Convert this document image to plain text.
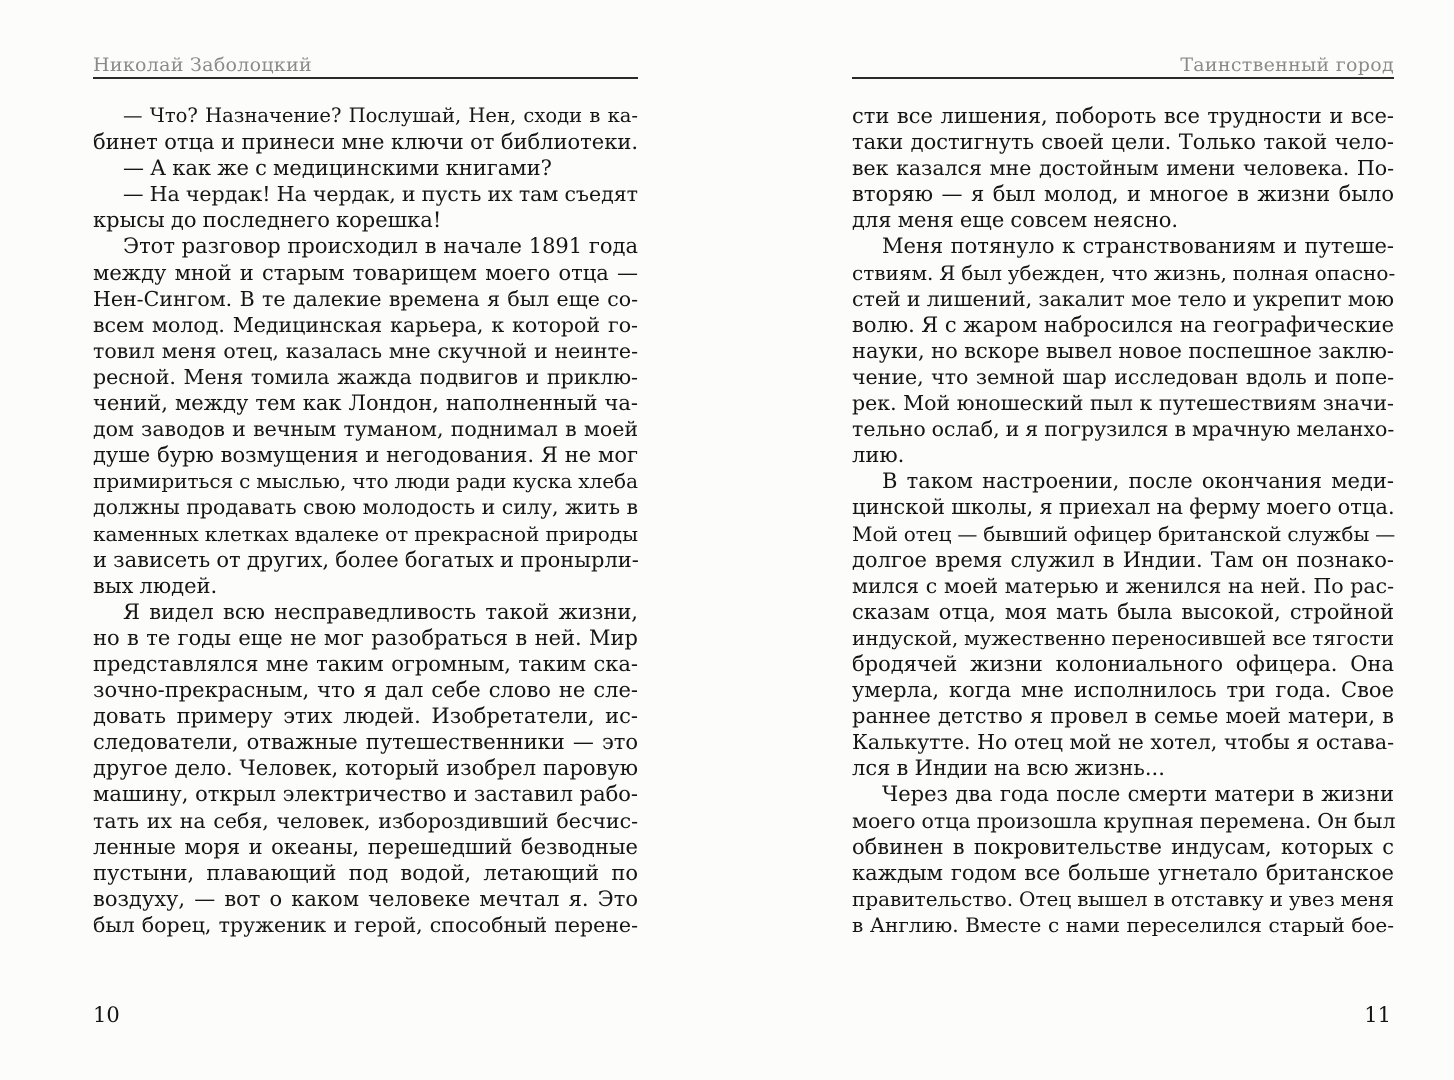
Николай Заболоцкий
— Что? Назначение? Послушай, Нен, сходи в ка-
бинет отца и принеси мне ключи от библиотеки.
— А как же с медицинскими книгами?
— На чердак! На чердак, и пусть их там съедят
крысы до последнего корешка!
Этот разговор происходил в начале 1891 года
между мной и старым товарищем моего отца —
Нен-Сингом. В те далекие времена я был еще со-
всем молод. Медицинская карьера, к которой го-
товил меня отец, казалась мне скучной и неинте-
ресной. Меня томила жажда подвигов и приклю-
чений, между тем как Лондон, наполненный ча-
дом заводов и вечным туманом, поднимал в моей
душе бурю возмущения и негодования. Я не мог
примириться с мыслью, что люди ради куска хлеба
должны продавать свою молодость и силу, жить в
каменных клетках вдалеке от прекрасной природы
и зависеть от других, более богатых и пронырли-
вых людей.
Я видел всю несправедливость такой жизни,
но в те годы еще не мог разобраться в ней. Мир
представлялся мне таким огромным, таким ска-
зочно-прекрасным, что я дал себе слово не сле-
довать примеру этих людей. Изобретатели, ис-
следователи, отважные путешественники — это
другое дело. Человек, который изобрел паровую
машину, открыл электричество и заставил рабо-
тать их на себя, человек, избороздивший бесчис-
ленные моря и океаны, перешедший безводные
пустыни, плавающий под водой, летающий по
воздуху, — вот о каком человеке мечтал я. Это
был борец, труженик и герой, способный перене-
10
Таинственный город
сти все лишения, побороть все трудности и все-
таки достигнуть своей цели. Только такой чело-
век казался мне достойным имени человека. По-
вторяю — я был молод, и многое в жизни было
для меня еще совсем неясно.
Меня потянуло к странствованиям и путеше-
ствиям. Я был убежден, что жизнь, полная опасно-
стей и лишений, закалит мое тело и укрепит мою
волю. Я с жаром набросился на географические
науки, но вскоре вывел новое поспешное заклю-
чение, что земной шар исследован вдоль и попе-
рек. Мой юношеский пыл к путешествиям значи-
тельно ослаб, и я погрузился в мрачную меланхо-
лию.
В таком настроении, после окончания меди-
цинской школы, я приехал на ферму моего отца.
Мой отец — бывший офицер британской службы —
долгое время служил в Индии. Там он познако-
мился с моей матерью и женился на ней. По рас-
сказам отца, моя мать была высокой, стройной
индуской, мужественно переносившей все тягости
бродячей жизни колониального офицера. Она
умерла, когда мне исполнилось три года. Свое
раннее детство я провел в семье моей матери, в
Калькутте. Но отец мой не хотел, чтобы я остава-
лся в Индии на всю жизнь...
Через два года после смерти матери в жизни
моего отца произошла крупная перемена. Он был
обвинен в покровительстве индусам, которых с
каждым годом все больше угнетало британское
правительство. Отец вышел в отставку и увез меня
в Англию. Вместе с нами переселился старый бое-
11
